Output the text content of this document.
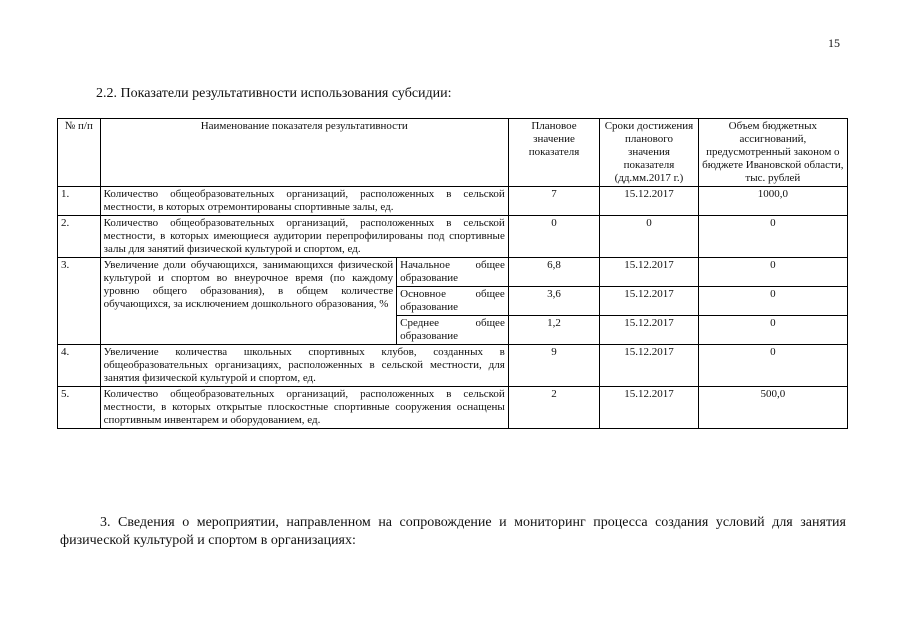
15
2.2. Показатели результативности использования субсидии:
№ п/п	Наименование показателя результативности		Плановое значение показателя	Сроки достижения планового значения показателя (дд.мм.2017 г.)	Объем бюджетных ассигнований, предусмотренный законом о бюджете Ивановской области, тыс. рублей
1.	Количество общеобразовательных организаций, расположенных в сельской местности, в которых отремонтированы спортивные залы, ед.		7	15.12.2017	1000,0
2.	Количество общеобразовательных организаций, расположенных в сельской местности, в которых имеющиеся аудитории перепрофилированы под спортивные залы для занятий физической культурой и спортом, ед.		0	0	0
3.	Увеличение доли обучающихся, занимающихся физической культурой и спортом во внеурочное время (по каждому уровню общего образования), в общем количестве обучающихся, за исключением дошкольного образования, %	Начальное общее образование	6,8	15.12.2017	0
		Основное общее образование	3,6	15.12.2017	0
		Среднее общее образование	1,2	15.12.2017	0
4.	Увеличение количества школьных спортивных клубов, созданных в общеобразовательных организациях, расположенных в сельской местности, для занятия физической культурой и спортом, ед.		9	15.12.2017	0
5.	Количество общеобразовательных организаций, расположенных в сельской местности, в которых открытые плоскостные спортивные сооружения оснащены спортивным инвентарем и оборудованием, ед.		2	15.12.2017	500,0
3. Сведения о мероприятии, направленном на сопровождение и мониторинг процесса создания условий для занятия физической культурой и спортом в организациях:
